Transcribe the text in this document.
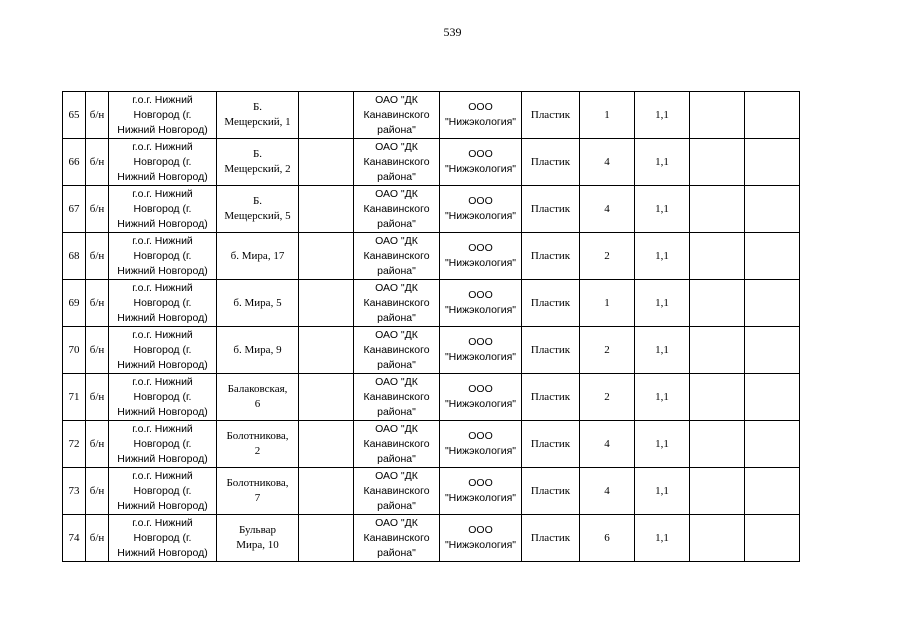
539
65	б/н	г.о.г. Нижний
Новгород (г.
Нижний Новгород)	Б.
Мещерский, 1		ОАО "ДК
Канавинского
района"	ООО
"Нижэкология"	Пластик	1	1,1		
66	б/н	г.о.г. Нижний
Новгород (г.
Нижний Новгород)	Б.
Мещерский, 2		ОАО "ДК
Канавинского
района"	ООО
"Нижэкология"	Пластик	4	1,1		
67	б/н	г.о.г. Нижний
Новгород (г.
Нижний Новгород)	Б.
Мещерский, 5		ОАО "ДК
Канавинского
района"	ООО
"Нижэкология"	Пластик	4	1,1		
68	б/н	г.о.г. Нижний
Новгород (г.
Нижний Новгород)	б. Мира, 17		ОАО "ДК
Канавинского
района"	ООО
"Нижэкология"	Пластик	2	1,1		
69	б/н	г.о.г. Нижний
Новгород (г.
Нижний Новгород)	б. Мира, 5		ОАО "ДК
Канавинского
района"	ООО
"Нижэкология"	Пластик	1	1,1		
70	б/н	г.о.г. Нижний
Новгород (г.
Нижний Новгород)	б. Мира, 9		ОАО "ДК
Канавинского
района"	ООО
"Нижэкология"	Пластик	2	1,1		
71	б/н	г.о.г. Нижний
Новгород (г.
Нижний Новгород)	Балаковская,
6		ОАО "ДК
Канавинского
района"	ООО
"Нижэкология"	Пластик	2	1,1		
72	б/н	г.о.г. Нижний
Новгород (г.
Нижний Новгород)	Болотникова,
2		ОАО "ДК
Канавинского
района"	ООО
"Нижэкология"	Пластик	4	1,1		
73	б/н	г.о.г. Нижний
Новгород (г.
Нижний Новгород)	Болотникова,
7		ОАО "ДК
Канавинского
района"	ООО
"Нижэкология"	Пластик	4	1,1		
74	б/н	г.о.г. Нижний
Новгород (г.
Нижний Новгород)	Бульвар
Мира, 10		ОАО "ДК
Канавинского
района"	ООО
"Нижэкология"	Пластик	6	1,1		
